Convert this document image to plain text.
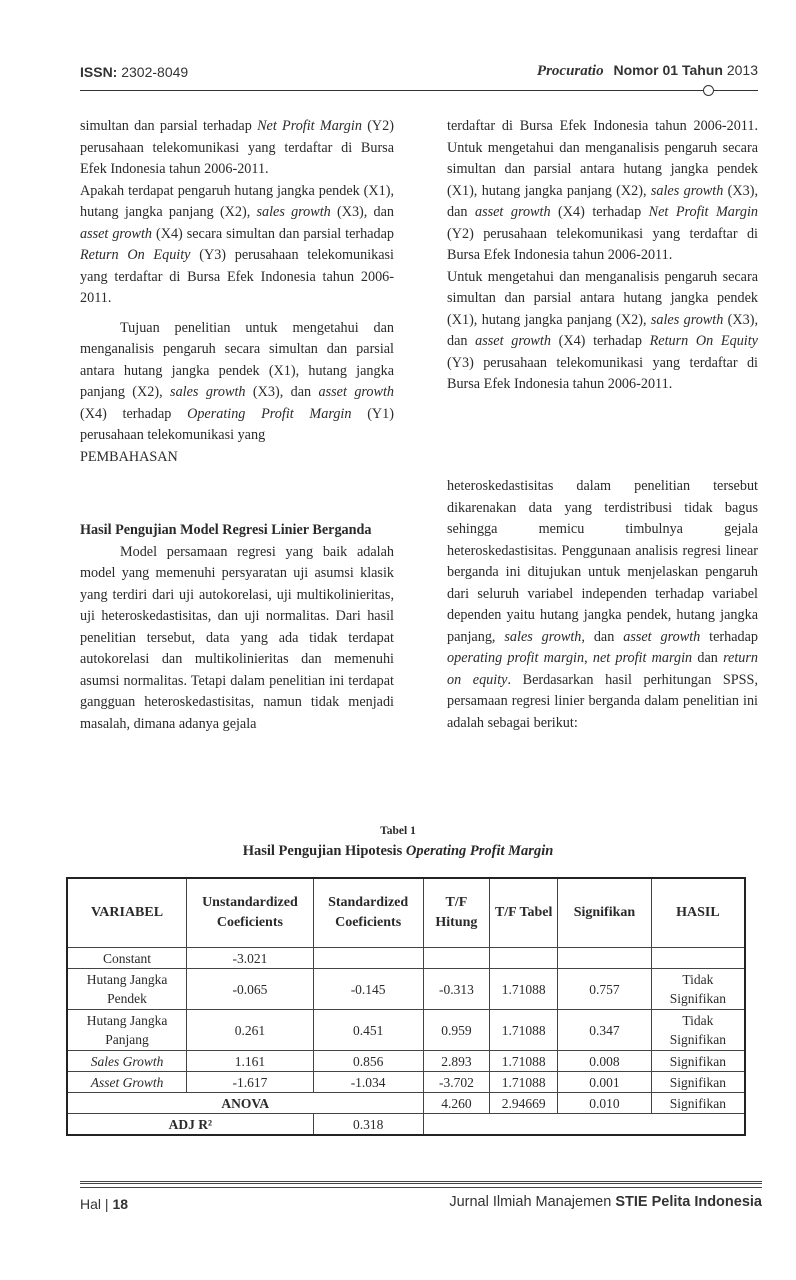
ISSN: 2302-8049	Procuratio Nomor 01 Tahun 2013

simultan dan parsial terhadap Net Profit Margin (Y2) perusahaan telekomunikasi yang terdaftar di Bursa Efek Indonesia tahun 2006-2011.

Apakah terdapat pengaruh hutang jangka pendek (X1), hutang jangka panjang (X2), sales growth (X3), dan asset growth (X4) secara simultan dan parsial terhadap Return On Equity (Y3) perusahaan telekomunikasi yang terdaftar di Bursa Efek Indonesia tahun 2006-2011.

Tujuan penelitian untuk mengetahui dan menganalisis pengaruh secara simultan dan parsial antara hutang jangka pendek (X1), hutang jangka panjang (X2), sales growth (X3), dan asset growth (X4) terhadap Operating Profit Margin (Y1) perusahaan telekomunikasi yang

PEMBAHASAN

terdaftar di Bursa Efek Indonesia tahun 2006-2011. Untuk mengetahui dan menganalisis pengaruh secara simultan dan parsial antara hutang jangka pendek (X1), hutang jangka panjang (X2), sales growth (X3), dan asset growth (X4) terhadap Net Profit Margin (Y2) perusahaan telekomunikasi yang terdaftar di Bursa Efek Indonesia tahun 2006-2011.

Untuk mengetahui dan menganalisis pengaruh secara simultan dan parsial antara hutang jangka pendek (X1), hutang jangka panjang (X2), sales growth (X3), dan asset growth (X4) terhadap Return On Equity (Y3) perusahaan telekomunikasi yang terdaftar di Bursa Efek Indonesia tahun 2006-2011.

Hasil Pengujian Model Regresi Linier Berganda

Model persamaan regresi yang baik adalah model yang memenuhi persyaratan uji asumsi klasik yang terdiri dari uji autokorelasi, uji multikolinieritas, uji heteroskedastisitas, dan uji normalitas. Dari hasil penelitian tersebut, data yang ada tidak terdapat autokorelasi dan multikolinieritas dan memenuhi asumsi normalitas. Tetapi dalam penelitian ini terdapat gangguan heteroskedastisitas, namun tidak menjadi masalah, dimana adanya gejala

heteroskedastisitas dalam penelitian tersebut dikarenakan data yang terdistribusi tidak bagus sehingga memicu timbulnya gejala heteroskedastisitas. Penggunaan analisis regresi linear berganda ini ditujukan untuk menjelaskan pengaruh dari seluruh variabel independen terhadap variabel dependen yaitu hutang jangka pendek, hutang jangka panjang, sales growth, dan asset growth terhadap operating profit margin, net profit margin dan return on equity. Berdasarkan hasil perhitungan SPSS, persamaan regresi linier berganda dalam penelitian ini adalah sebagai berikut:

Tabel 1
Hasil Pengujian Hipotesis Operating Profit Margin
VARIABEL	Unstandardized Coeficients	Standardized Coeficients	T/F Hitung	T/F Tabel	Signifikan	HASIL
Constant	-3.021					
Hutang Jangka Pendek	-0.065	-0.145	-0.313	1.71088	0.757	Tidak Signifikan
Hutang Jangka Panjang	0.261	0.451	0.959	1.71088	0.347	Tidak Signifikan
Sales Growth	1.161	0.856	2.893	1.71088	0.008	Signifikan
Asset Growth	-1.617	-1.034	-3.702	1.71088	0.001	Signifikan
ANOVA			4.260	2.94669	0.010	Signifikan
ADJ R²		0.318				
Hal | 18	Jurnal Ilmiah Manajemen STIE Pelita Indonesia
